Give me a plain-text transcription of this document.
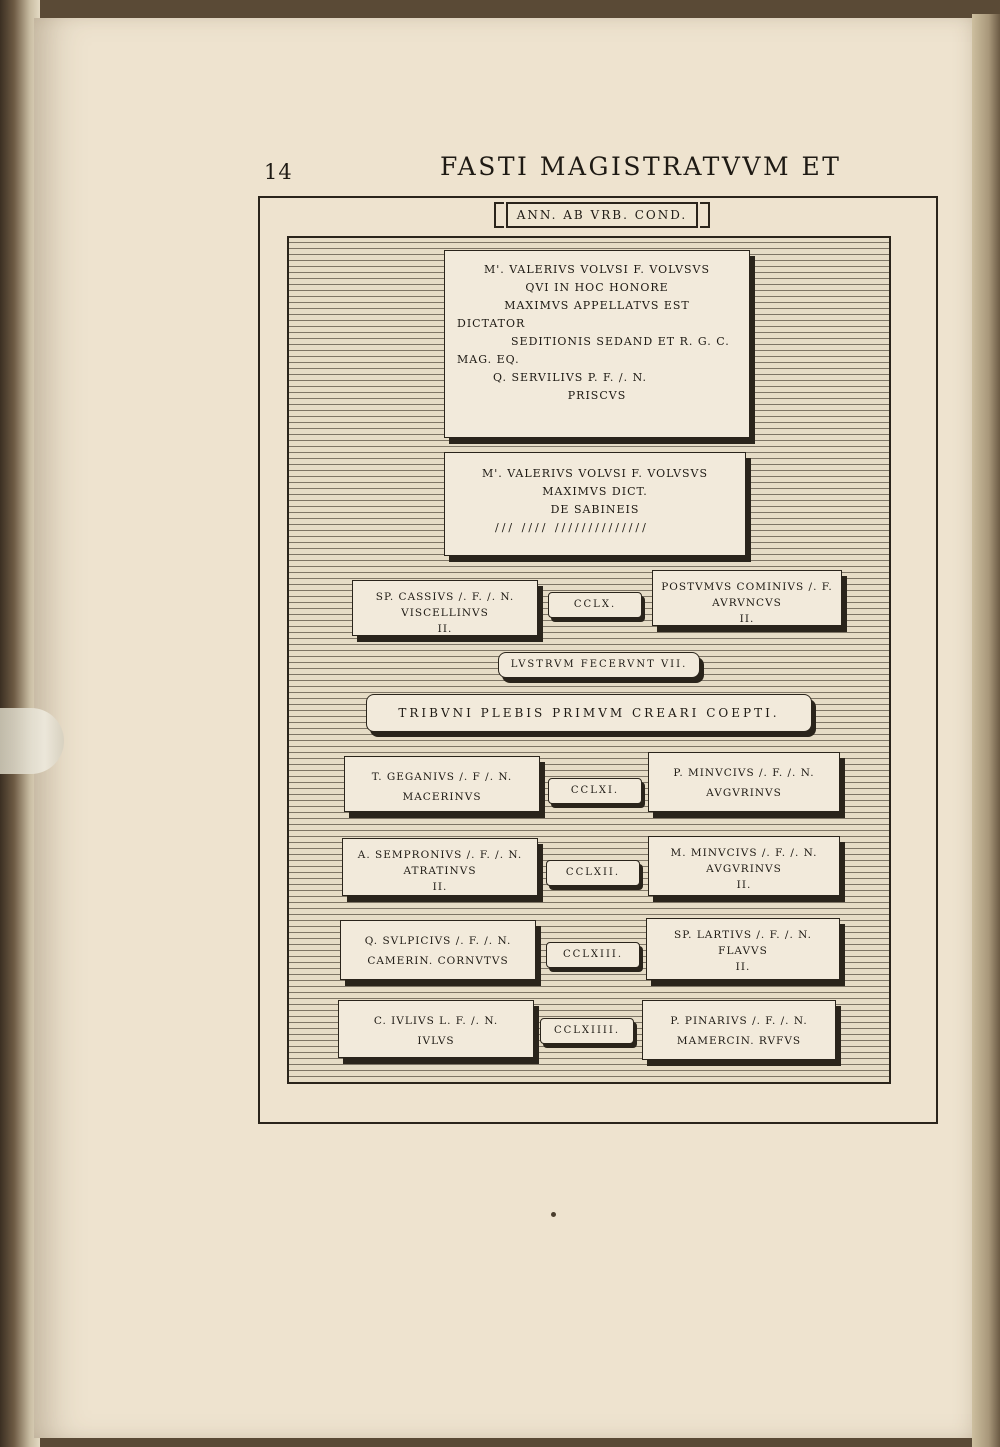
14	FASTI MAGISTRATVVM ET
ANN. AB VRB. COND.
M'. VALERIVS VOLVSI F. VOLVSVS
QVI IN HOC HONORE
MAXIMVS APPELLATVS EST
DICTATOR
SEDITIONIS SEDAND ET R. G. C.
MAG. EQ.
Q. SERVILIVS P. F. /. N.
PRISCVS
M'. VALERIVS VOLVSI F. VOLVSVS
MAXIMVS DICT.
DE SABINEIS
/// //// //////////////
SP. CASSIVS /. F. /. N.
VISCELLINVS
II.
CCLX.
POSTVMVS COMINIVS /. F.
AVRVNCVS
II.
LVSTRVM FECERVNT VII.
TRIBVNI PLEBIS PRIMVM CREARI COEPTI.
T. GEGANIVS /. F /. N.
MACERINVS
CCLXI.
P. MINVCIVS /. F. /. N.
AVGVRINVS
A. SEMPRONIVS /. F. /. N.
ATRATINVS
II.
CCLXII.
M. MINVCIVS /. F. /. N.
AVGVRINVS
II.
Q. SVLPICIVS /. F. /. N.
CAMERIN. CORNVTVS
CCLXIII.
SP. LARTIVS /. F. /. N.
FLAVVS
II.
C. IVLIVS L. F. /. N.
IVLVS
CCLXIIII.
P. PINARIVS /. F. /. N.
MAMERCIN. RVFVS
